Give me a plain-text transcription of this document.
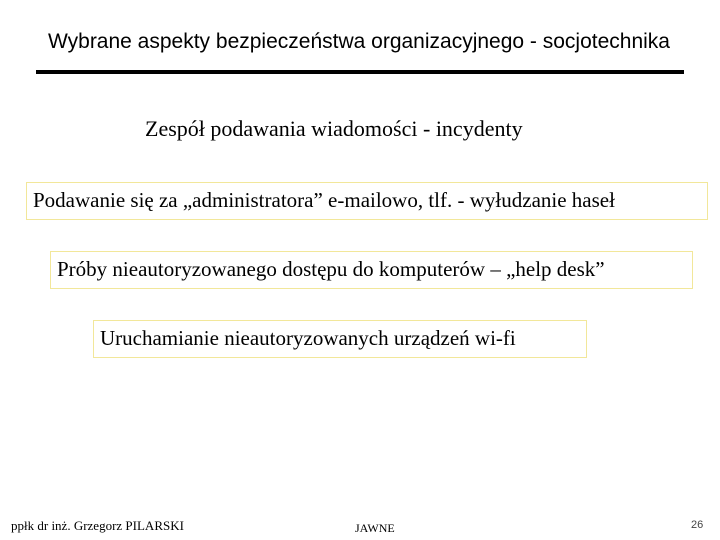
Wybrane aspekty bezpieczeństwa organizacyjnego - socjotechnika
Zespół podawania wiadomości - incydenty
Podawanie się za „administratora” e-mailowo, tlf. - wyłudzanie haseł
Próby nieautoryzowanego dostępu do komputerów – „help desk”
Uruchamianie nieautoryzowanych urządzeń wi-fi
ppłk dr inż. Grzegorz PILARSKI	JAWNE	26
